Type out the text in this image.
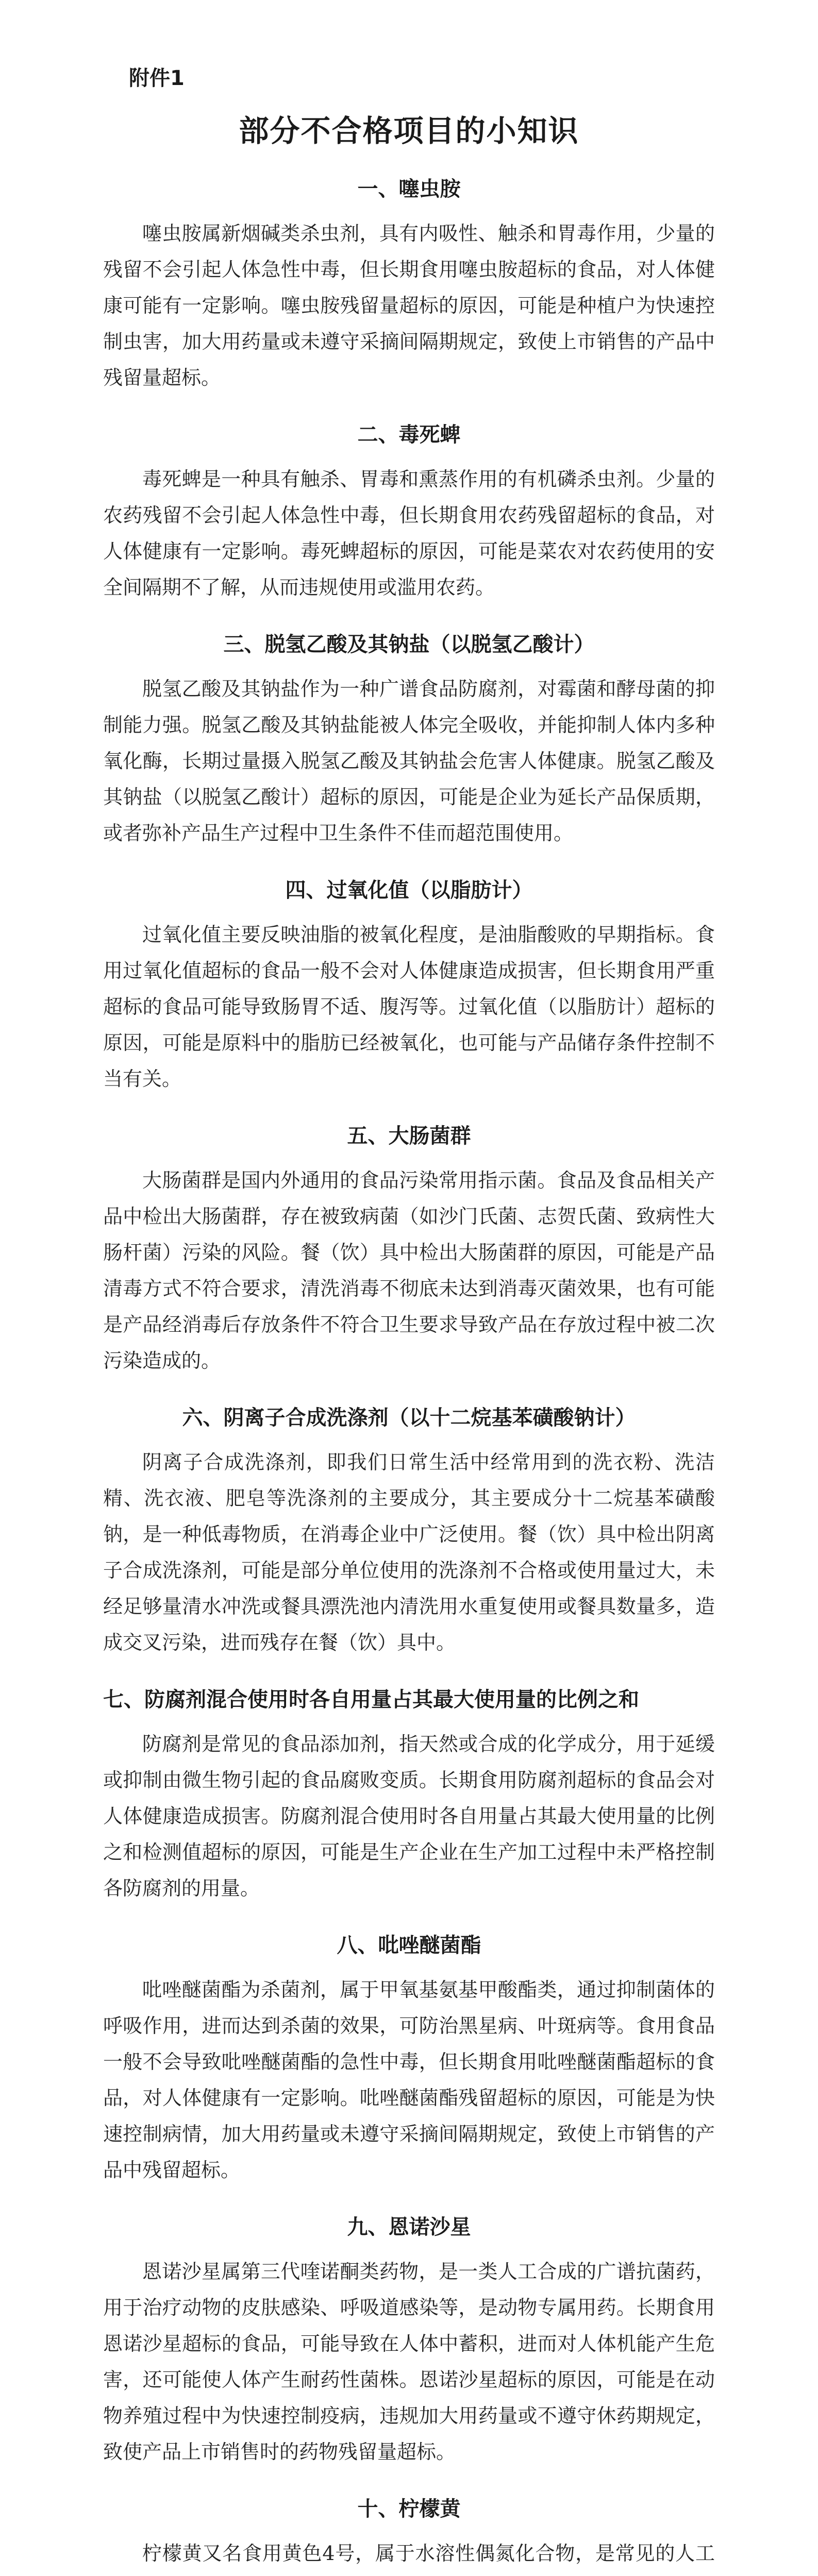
附件1
部分不合格项目的小知识
一、噻虫胺

噻虫胺属新烟碱类杀虫剂，具有内吸性、触杀和胃毒作用，少量的残留不会引起人体急性中毒，但长期食用噻虫胺超标的食品，对人体健康可能有一定影响。噻虫胺残留量超标的原因，可能是种植户为快速控制虫害，加大用药量或未遵守采摘间隔期规定，致使上市销售的产品中残留量超标。

二、毒死蜱

毒死蜱是一种具有触杀、胃毒和熏蒸作用的有机磷杀虫剂。少量的农药残留不会引起人体急性中毒，但长期食用农药残留超标的食品，对人体健康有一定影响。毒死蜱超标的原因，可能是菜农对农药使用的安全间隔期不了解，从而违规使用或滥用农药。

三、脱氢乙酸及其钠盐（以脱氢乙酸计）

脱氢乙酸及其钠盐作为一种广谱食品防腐剂，对霉菌和酵母菌的抑制能力强。脱氢乙酸及其钠盐能被人体完全吸收，并能抑制人体内多种氧化酶，长期过量摄入脱氢乙酸及其钠盐会危害人体健康。脱氢乙酸及其钠盐（以脱氢乙酸计）超标的原因，可能是企业为延长产品保质期，或者弥补产品生产过程中卫生条件不佳而超范围使用。

四、过氧化值（以脂肪计）

过氧化值主要反映油脂的被氧化程度，是油脂酸败的早期指标。食用过氧化值超标的食品一般不会对人体健康造成损害，但长期食用严重超标的食品可能导致肠胃不适、腹泻等。过氧化值（以脂肪计）超标的原因，可能是原料中的脂肪已经被氧化，也可能与产品储存条件控制不当有关。

五、大肠菌群

大肠菌群是国内外通用的食品污染常用指示菌。食品及食品相关产品中检出大肠菌群，存在被致病菌（如沙门氏菌、志贺氏菌、致病性大肠杆菌）污染的风险。餐（饮）具中检出大肠菌群的原因，可能是产品清毒方式不符合要求，清洗消毒不彻底未达到消毒灭菌效果，也有可能是产品经消毒后存放条件不符合卫生要求导致产品在存放过程中被二次污染造成的。

六、阴离子合成洗涤剂（以十二烷基苯磺酸钠计）

阴离子合成洗涤剂，即我们日常生活中经常用到的洗衣粉、洗洁精、洗衣液、肥皂等洗涤剂的主要成分，其主要成分十二烷基苯磺酸钠，是一种低毒物质，在消毒企业中广泛使用。餐（饮）具中检出阴离子合成洗涤剂，可能是部分单位使用的洗涤剂不合格或使用量过大，未经足够量清水冲洗或餐具漂洗池内清洗用水重复使用或餐具数量多，造成交叉污染，进而残存在餐（饮）具中。

七、防腐剂混合使用时各自用量占其最大使用量的比例之和

防腐剂是常见的食品添加剂，指天然或合成的化学成分，用于延缓或抑制由微生物引起的食品腐败变质。长期食用防腐剂超标的食品会对人体健康造成损害。防腐剂混合使用时各自用量占其最大使用量的比例之和检测值超标的原因，可能是生产企业在生产加工过程中未严格控制各防腐剂的用量。

八、吡唑醚菌酯

吡唑醚菌酯为杀菌剂，属于甲氧基氨基甲酸酯类，通过抑制菌体的呼吸作用，进而达到杀菌的效果，可防治黑星病、叶斑病等。食用食品一般不会导致吡唑醚菌酯的急性中毒，但长期食用吡唑醚菌酯超标的食品，对人体健康有一定影响。吡唑醚菌酯残留超标的原因，可能是为快速控制病情，加大用药量或未遵守采摘间隔期规定，致使上市销售的产品中残留超标。

九、恩诺沙星

恩诺沙星属第三代喹诺酮类药物，是一类人工合成的广谱抗菌药，用于治疗动物的皮肤感染、呼吸道感染等，是动物专属用药。长期食用恩诺沙星超标的食品，可能导致在人体中蓄积，进而对人体机能产生危害，还可能使人体产生耐药性菌株。恩诺沙星超标的原因，可能是在动物养殖过程中为快速控制疫病，违规加大用药量或不遵守休药期规定，致使产品上市销售时的药物残留量超标。

十、柠檬黄

柠檬黄又名食用黄色4号，属于水溶性偶氮化合物，是常见的人工
